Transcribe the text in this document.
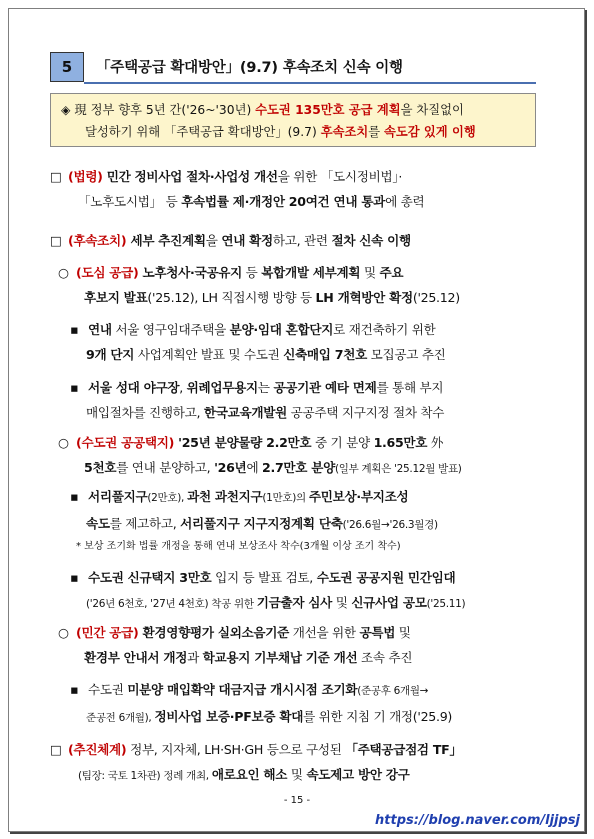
5	「주택공급 확대방안」(9.7) 후속조치 신속 이행
◈ 現 정부 향후 5년 간('26~'30년) 수도권 135만호 공급 계획을 차질없이
달성하기 위해 「주택공급 확대방안」(9.7) 후속조치를 속도감 있게 이행
□ (법령) 민간 정비사업 절차·사업성 개선을 위한 「도시정비법」·
「노후도시법」 등 후속법률 제·개정안 20여건 연내 통과에 총력
□ (후속조치) 세부 추진계획을 연내 확정하고, 관련 절차 신속 이행
○ (도심 공급) 노후청사·국공유지 등 복합개발 세부계획 및 주요
후보지 발표('25.12), LH 직접시행 방향 등 LH 개혁방안 확정('25.12)
▪ 연내 서울 영구임대주택을 분양·임대 혼합단지로 재건축하기 위한
9개 단지 사업계획안 발표 및 수도권 신축매입 7천호 모집공고 추진
▪ 서울 성대 야구장, 위례업무용지는 공공기관 예타 면제를 통해 부지
매입절차를 진행하고, 한국교육개발원 공공주택 지구지정 절차 착수
○ (수도권 공공택지) '25년 분양물량 2.2만호 중 기 분양 1.65만호 外
5천호를 연내 분양하고, '26년에 2.7만호 분양(일부 계획은 '25.12월 발표)
▪ 서리풀지구(2만호), 과천 과천지구(1만호)의 주민보상·부지조성
속도를 제고하고, 서리풀지구 지구지정계획 단축('26.6월→'26.3월경)
* 보상 조기화 법률 개정을 통해 연내 보상조사 착수(3개월 이상 조기 착수)
▪ 수도권 신규택지 3만호 입지 등 발표 검토, 수도권 공공지원 민간임대
('26년 6천호, '27년 4천호) 착공 위한 기금출자 심사 및 신규사업 공모('25.11)
○ (민간 공급) 환경영향평가 실외소음기준 개선을 위한 공특법 및
환경부 안내서 개정과 학교용지 기부채납 기준 개선 조속 추진
▪ 수도권 미분양 매입확약 대금지급 개시시점 조기화(준공후 6개월→
준공전 6개월), 정비사업 보증·PF보증 확대를 위한 지침 기 개정('25.9)
□ (추진체계) 정부, 지자체, LH·SH·GH 등으로 구성된 「주택공급점검 TF」
(팀장: 국토 1차관) 정례 개최, 애로요인 해소 및 속도제고 방안 강구
- 15 -
https://blog.naver.com/ljjpsj
